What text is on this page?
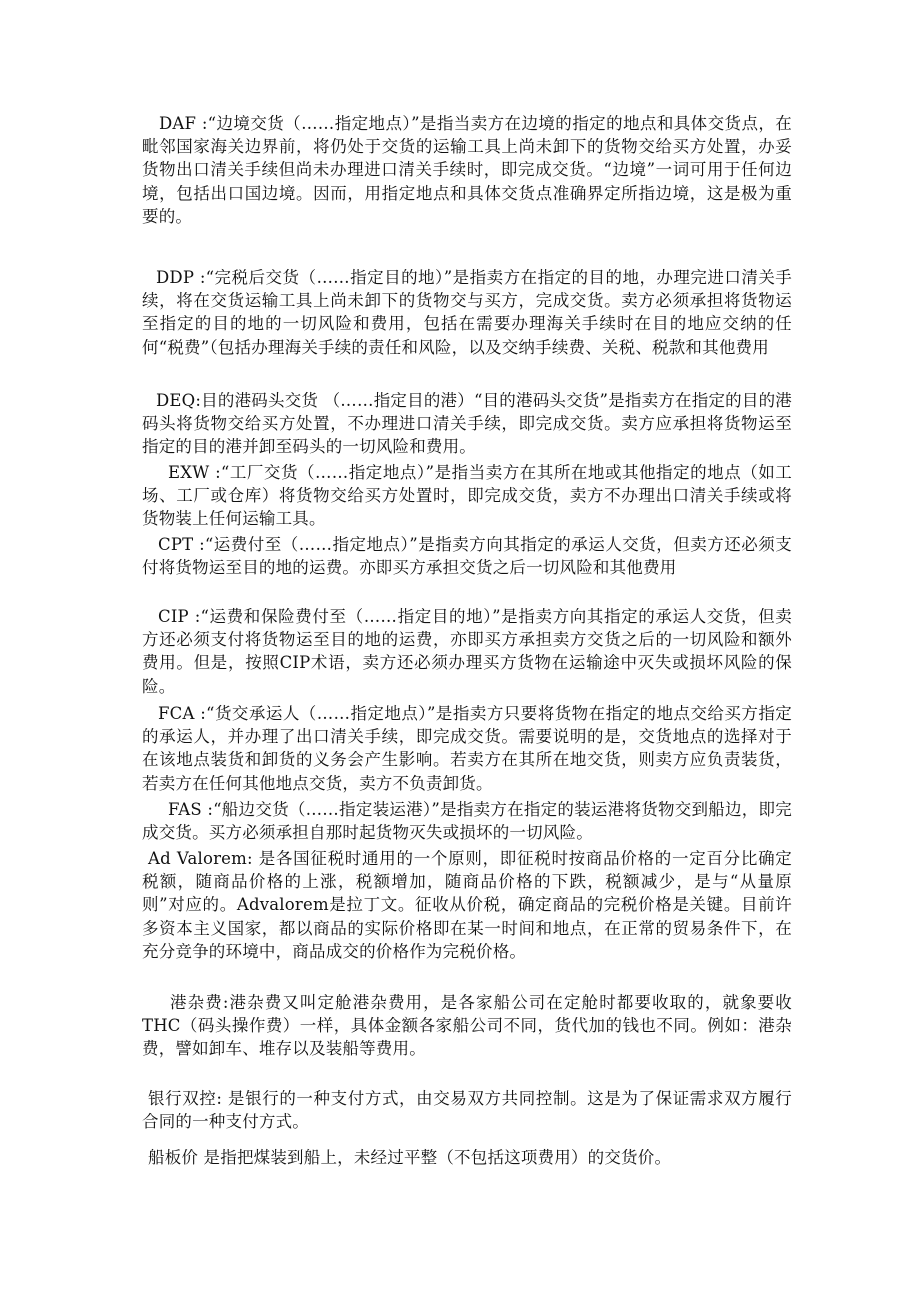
DAF :“边境交货（……指定地点）”是指当卖方在边境的指定的地点和具体交货点，在毗邻国家海关边界前，将仍处于交货的运输工具上尚未卸下的货物交给买方处置，办妥货物出口清关手续但尚未办理进口清关手续时，即完成交货。“边境”一词可用于任何边境，包括出口国边境。因而，用指定地点和具体交货点准确界定所指边境，这是极为重要的。

DDP :“完税后交货（……指定目的地）”是指卖方在指定的目的地，办理完进口清关手续，将在交货运输工具上尚未卸下的货物交与买方，完成交货。卖方必须承担将货物运至指定的目的地的一切风险和费用，包括在需要办理海关手续时在目的地应交纳的任何“税费”（包括办理海关手续的责任和风险，以及交纳手续费、关税、税款和其他费用

DEQ:目的港码头交货 （……指定目的港）“目的港码头交货”是指卖方在指定的目的港码头将货物交给买方处置，不办理进口清关手续，即完成交货。卖方应承担将货物运至指定的目的港并卸至码头的一切风险和费用。

EXW :“工厂交货（……指定地点）”是指当卖方在其所在地或其他指定的地点（如工场、工厂或仓库）将货物交给买方处置时，即完成交货，卖方不办理出口清关手续或将货物装上任何运输工具。

CPT :“运费付至（……指定地点）”是指卖方向其指定的承运人交货，但卖方还必须支付将货物运至目的地的运费。亦即买方承担交货之后一切风险和其他费用

CIP :“运费和保险费付至（……指定目的地）”是指卖方向其指定的承运人交货，但卖方还必须支付将货物运至目的地的运费，亦即买方承担卖方交货之后的一切风险和额外费用。但是，按照CIP术语，卖方还必须办理买方货物在运输途中灭失或损坏风险的保险。

FCA :“货交承运人（……指定地点）”是指卖方只要将货物在指定的地点交给买方指定的承运人，并办理了出口清关手续，即完成交货。需要说明的是，交货地点的选择对于在该地点装货和卸货的义务会产生影响。若卖方在其所在地交货，则卖方应负责装货，若卖方在任何其他地点交货，卖方不负责卸货。

FAS :“船边交货（……指定装运港）”是指卖方在指定的装运港将货物交到船边，即完成交货。买方必须承担自那时起货物灭失或损坏的一切风险。

Ad Valorem: 是各国征税时通用的一个原则，即征税时按商品价格的一定百分比确定税额，随商品价格的上涨，税额增加，随商品价格的下跌，税额减少，是与“从量原则”对应的。Advalorem是拉丁文。征收从价税，确定商品的完税价格是关键。目前许多资本主义国家，都以商品的实际价格即在某一时间和地点，在正常的贸易条件下，在充分竞争的环境中，商品成交的价格作为完税价格。

港杂费:港杂费又叫定舱港杂费用，是各家船公司在定舱时都要收取的，就象要收THC（码头操作费）一样，具体金额各家船公司不同，货代加的钱也不同。例如：港杂费，譬如卸车、堆存以及装船等费用。

银行双控: 是银行的一种支付方式，由交易双方共同控制。这是为了保证需求双方履行合同的一种支付方式。

船板价 是指把煤装到船上，未经过平整（不包括这项费用）的交货价。
